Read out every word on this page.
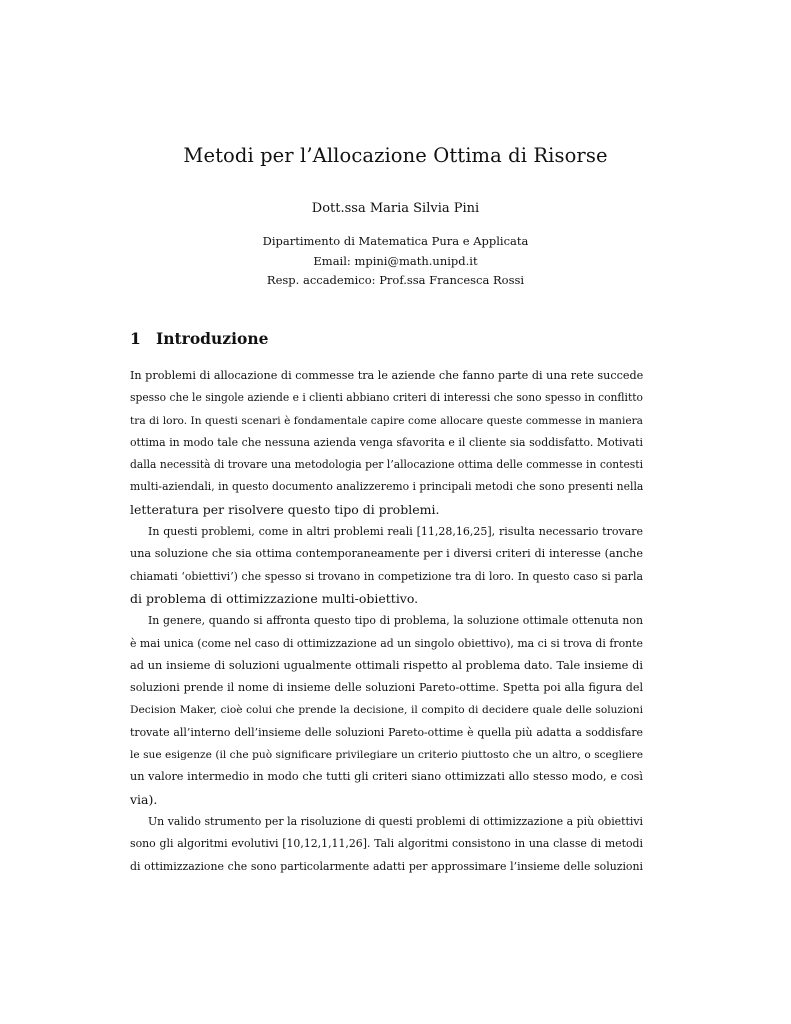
Metodi per l’Allocazione Ottima di Risorse
Dott.ssa Maria Silvia Pini
Dipartimento di Matematica Pura e Applicata
Email: mpini@math.unipd.it
Resp. accademico: Prof.ssa Francesca Rossi
1 Introduzione
In problemi di allocazione di commesse tra le aziende che fanno parte di una rete succede
spesso che le singole aziende e i clienti abbiano criteri di interessi che sono spesso in conflitto
tra di loro. In questi scenari è fondamentale capire come allocare queste commesse in maniera
ottima in modo tale che nessuna azienda venga sfavorita e il cliente sia soddisfatto. Motivati
dalla necessità di trovare una metodologia per l’allocazione ottima delle commesse in contesti
multi-aziendali, in questo documento analizzeremo i principali metodi che sono presenti nella
letteratura per risolvere questo tipo di problemi.
In questi problemi, come in altri problemi reali [11,28,16,25], risulta necessario trovare
una soluzione che sia ottima contemporaneamente per i diversi criteri di interesse (anche
chiamati ‘obiettivi’) che spesso si trovano in competizione tra di loro. In questo caso si parla
di problema di ottimizzazione multi-obiettivo.
In genere, quando si affronta questo tipo di problema, la soluzione ottimale ottenuta non
è mai unica (come nel caso di ottimizzazione ad un singolo obiettivo), ma ci si trova di fronte
ad un insieme di soluzioni ugualmente ottimali rispetto al problema dato. Tale insieme di
soluzioni prende il nome di insieme delle soluzioni Pareto-ottime. Spetta poi alla figura del
Decision Maker, cioè colui che prende la decisione, il compito di decidere quale delle soluzioni
trovate all’interno dell’insieme delle soluzioni Pareto-ottime è quella più adatta a soddisfare
le sue esigenze (il che può significare privilegiare un criterio piuttosto che un altro, o scegliere
un valore intermedio in modo che tutti gli criteri siano ottimizzati allo stesso modo, e così
via).
Un valido strumento per la risoluzione di questi problemi di ottimizzazione a più obiettivi
sono gli algoritmi evolutivi [10,12,1,11,26]. Tali algoritmi consistono in una classe di metodi
di ottimizzazione che sono particolarmente adatti per approssimare l’insieme delle soluzioni
